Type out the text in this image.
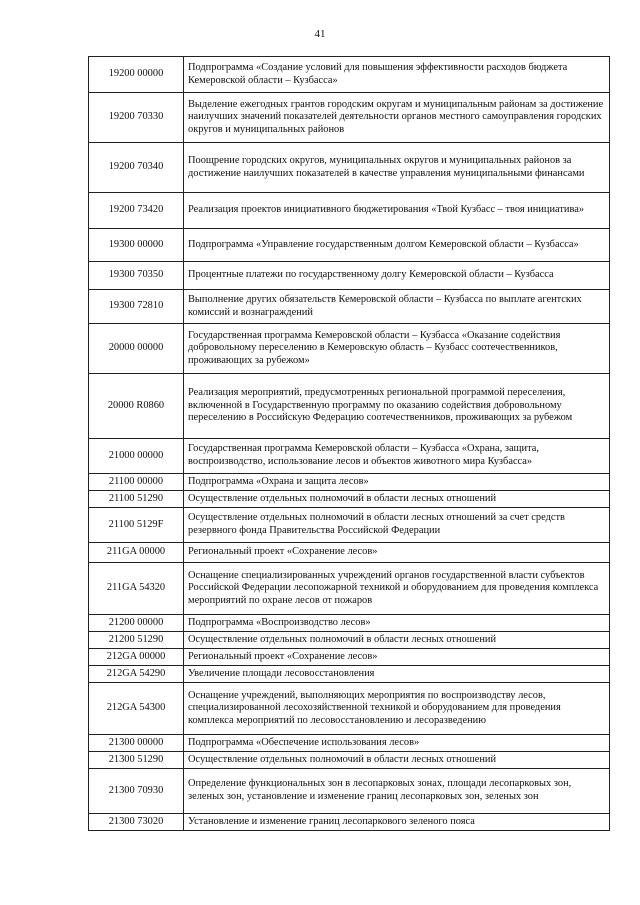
41
19200 00000	Подпрограмма «Создание условий для повышения эффективности расходов бюджета Кемеровской области – Кузбасса»
19200 70330	Выделение ежегодных грантов городским округам и муниципальным районам за достижение наилучших значений показателей деятельности органов местного самоуправления городских округов и муниципальных районов
19200 70340	Поощрение городских округов, муниципальных округов и муниципальных районов за достижение наилучших показателей в качестве управления муниципальными финансами
19200 73420	Реализация проектов инициативного бюджетирования «Твой Кузбасс – твоя инициатива»
19300 00000	Подпрограмма «Управление государственным долгом Кемеровской области – Кузбасса»
19300 70350	Процентные платежи по государственному долгу Кемеровской области – Кузбасса
19300 72810	Выполнение других обязательств Кемеровской области – Кузбасса по выплате агентских комиссий и вознаграждений
20000 00000	Государственная программа Кемеровской области – Кузбасса «Оказание содействия добровольному переселению в Кемеровскую область – Кузбасс соотечественников, проживающих за рубежом»
20000 R0860	Реализация мероприятий, предусмотренных региональной программой переселения, включенной в Государственную программу по оказанию содействия добровольному переселению в Российскую Федерацию соотечественников, проживающих за рубежом
21000 00000	Государственная программа Кемеровской области – Кузбасса «Охрана, защита, воспроизводство, использование лесов и объектов животного мира Кузбасса»
21100 00000	Подпрограмма «Охрана и защита лесов»
21100 51290	Осуществление отдельных полномочий в области лесных отношений
21100 5129F	Осуществление отдельных полномочий в области лесных отношений за счет средств резервного фонда Правительства Российской Федерации
211GA 00000	Региональный проект «Сохранение лесов»
211GA 54320	Оснащение специализированных учреждений органов государственной власти субъектов Российской Федерации лесопожарной техникой и оборудованием для проведения комплекса мероприятий по охране лесов от пожаров
21200 00000	Подпрограмма «Воспроизводство лесов»
21200 51290	Осуществление отдельных полномочий в области лесных отношений
212GA 00000	Региональный проект «Сохранение лесов»
212GA 54290	Увеличение площади лесовосстановления
212GA 54300	Оснащение учреждений, выполняющих мероприятия по воспроизводству лесов, специализированной лесохозяйственной техникой и оборудованием для проведения комплекса мероприятий по лесовосстановлению и лесоразведению
21300 00000	Подпрограмма «Обеспечение использования лесов»
21300 51290	Осуществление отдельных полномочий в области лесных отношений
21300 70930	Определение функциональных зон в лесопарковых зонах, площади лесопарковых зон, зеленых зон, установление и изменение границ лесопарковых зон, зеленых зон
21300 73020	Установление и изменение границ лесопаркового зеленого пояса
